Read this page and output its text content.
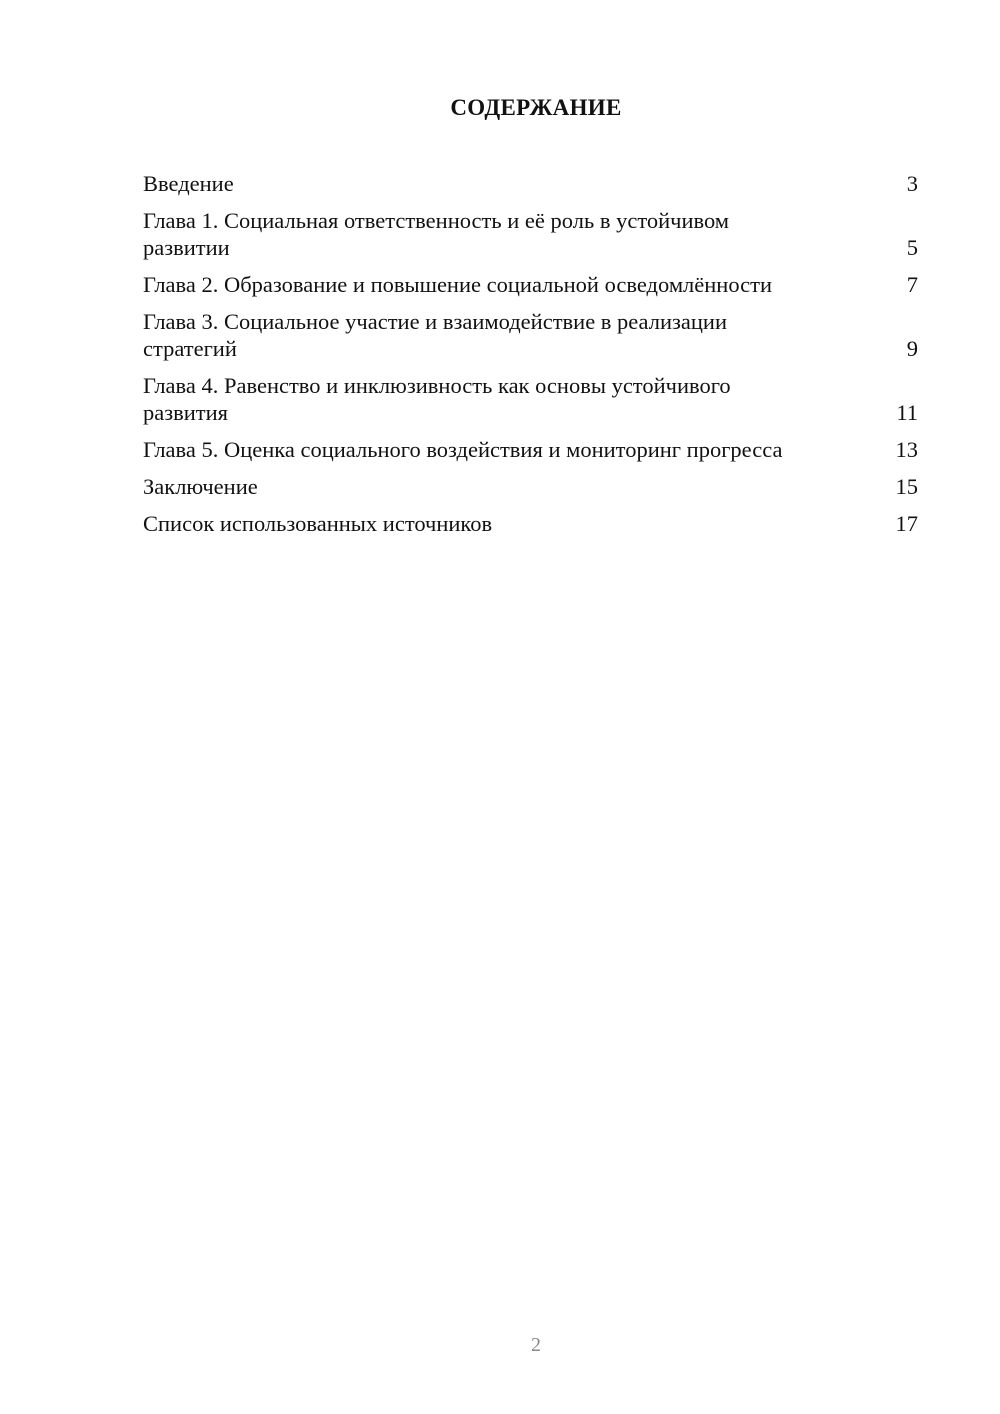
СОДЕРЖАНИЕ
Введение	3
Глава 1. Социальная ответственность и её роль в устойчивом развитии	5
Глава 2. Образование и повышение социальной осведомлённости	7
Глава 3. Социальное участие и взаимодействие в реализации стратегий	9
Глава 4. Равенство и инклюзивность как основы устойчивого развития	11
Глава 5. Оценка социального воздействия и мониторинг прогресса	13
Заключение	15
Список использованных источников	17
2
